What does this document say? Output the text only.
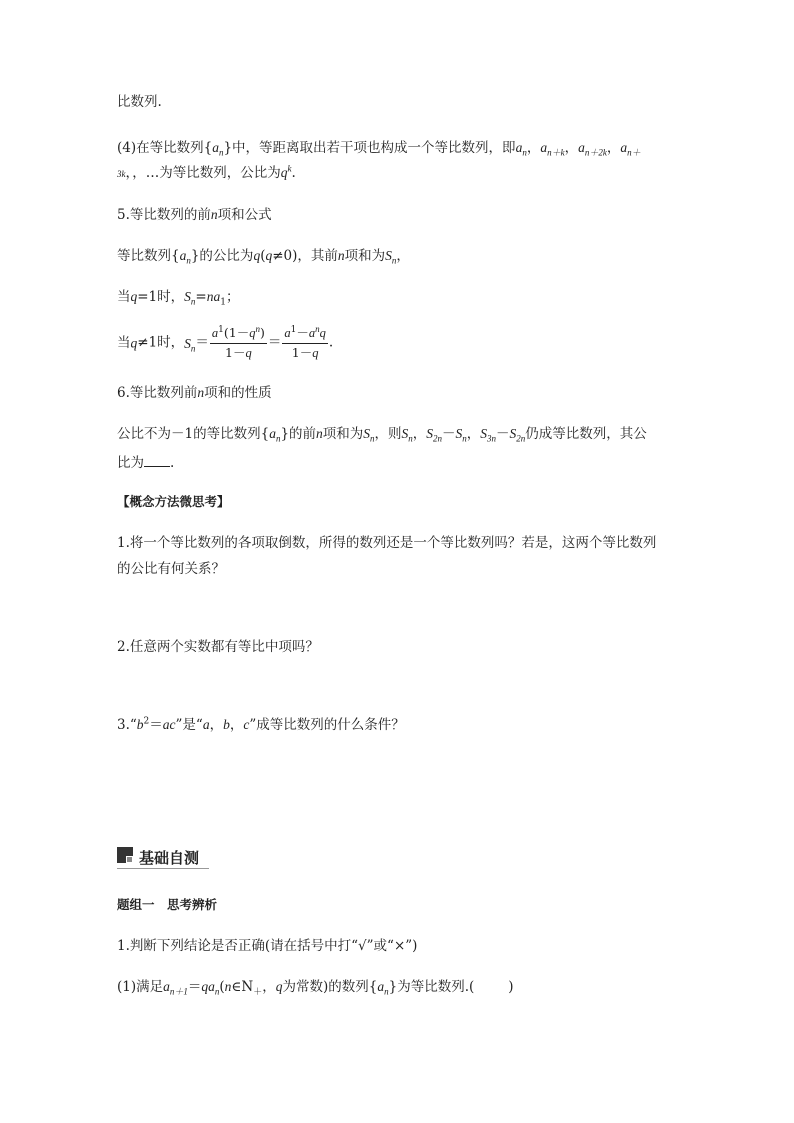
比数列.
(4)在等比数列$\{a_n\}$中，等距离取出若干项也构成一个等比数列，即$a_n$，$a_{n+k}$，$a_{n+2k}$，$a_{n+}$
3k，，…为等比数列，公比为$q^k$.
5.等比数列的前n项和公式
等比数列$\{a_n\}$的公比为q(q≠0)，其前n项和为$S_n$，
当q=1时，$S_n=na_1$；
当q≠1时，$S_n= \frac{a^1(1-q^n)}{1-q} = \frac{a^1-a^nq}{1-q}$ .
6.等比数列前n项和的性质
公比不为－1的等比数列$\{a_n\}$的前n项和为$S_n$，则$S_n$，$S_{2n}-S_n$，$S_{3n}-S_{2n}$仍成等比数列，其公
比为 .
【概念方法微思考】
1.将一个等比数列的各项取倒数，所得的数列还是一个等比数列吗？若是，这两个等比数列
的公比有何关系？
2.任意两个实数都有等比中项吗？
$3.“b^2=ac$”是“a，b，c”成等比数列的什么条件？
基础自测
题组一　思考辨析
1.判断下列结论是否正确(请在括号中打“√”或“×”)
(1)满足$a_{n+1}=qa_n(n\in N_+$，q为常数)的数列$\{a_n\}$为等比数列.(	)
